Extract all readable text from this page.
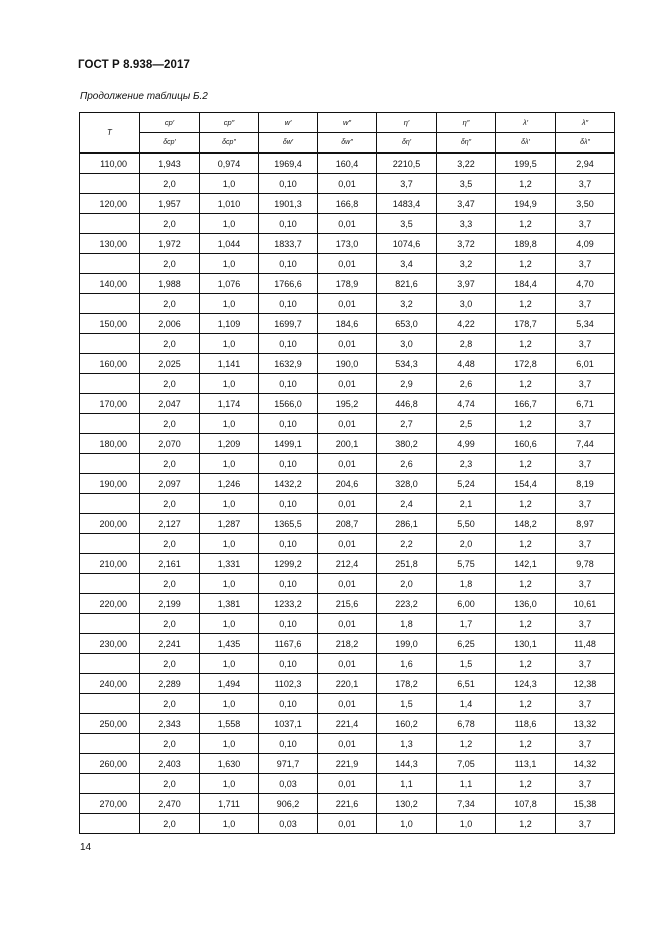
ГОСТ Р 8.938—2017
Продолжение таблицы Б.2
T	cp′	cp″	w′	w″	η′	η″	λ′	λ″
	δcp′	δcp″	δw′	δw″	δη′	δη″	δλ′	δλ″
110,00	1,943	0,974	1969,4	160,4	2210,5	3,22	199,5	2,94
	2,0	1,0	0,10	0,01	3,7	3,5	1,2	3,7
120,00	1,957	1,010	1901,3	166,8	1483,4	3,47	194,9	3,50
	2,0	1,0	0,10	0,01	3,5	3,3	1,2	3,7
130,00	1,972	1,044	1833,7	173,0	1074,6	3,72	189,8	4,09
	2,0	1,0	0,10	0,01	3,4	3,2	1,2	3,7
140,00	1,988	1,076	1766,6	178,9	821,6	3,97	184,4	4,70
	2,0	1,0	0,10	0,01	3,2	3,0	1,2	3,7
150,00	2,006	1,109	1699,7	184,6	653,0	4,22	178,7	5,34
	2,0	1,0	0,10	0,01	3,0	2,8	1,2	3,7
160,00	2,025	1,141	1632,9	190,0	534,3	4,48	172,8	6,01
	2,0	1,0	0,10	0,01	2,9	2,6	1,2	3,7
170,00	2,047	1,174	1566,0	195,2	446,8	4,74	166,7	6,71
	2,0	1,0	0,10	0,01	2,7	2,5	1,2	3,7
180,00	2,070	1,209	1499,1	200,1	380,2	4,99	160,6	7,44
	2,0	1,0	0,10	0,01	2,6	2,3	1,2	3,7
190,00	2,097	1,246	1432,2	204,6	328,0	5,24	154,4	8,19
	2,0	1,0	0,10	0,01	2,4	2,1	1,2	3,7
200,00	2,127	1,287	1365,5	208,7	286,1	5,50	148,2	8,97
	2,0	1,0	0,10	0,01	2,2	2,0	1,2	3,7
210,00	2,161	1,331	1299,2	212,4	251,8	5,75	142,1	9,78
	2,0	1,0	0,10	0,01	2,0	1,8	1,2	3,7
220,00	2,199	1,381	1233,2	215,6	223,2	6,00	136,0	10,61
	2,0	1,0	0,10	0,01	1,8	1,7	1,2	3,7
230,00	2,241	1,435	1167,6	218,2	199,0	6,25	130,1	11,48
	2,0	1,0	0,10	0,01	1,6	1,5	1,2	3,7
240,00	2,289	1,494	1102,3	220,1	178,2	6,51	124,3	12,38
	2,0	1,0	0,10	0,01	1,5	1,4	1,2	3,7
250,00	2,343	1,558	1037,1	221,4	160,2	6,78	118,6	13,32
	2,0	1,0	0,10	0,01	1,3	1,2	1,2	3,7
260,00	2,403	1,630	971,7	221,9	144,3	7,05	113,1	14,32
	2,0	1,0	0,03	0,01	1,1	1,1	1,2	3,7
270,00	2,470	1,711	906,2	221,6	130,2	7,34	107,8	15,38
	2,0	1,0	0,03	0,01	1,0	1,0	1,2	3,7
14
